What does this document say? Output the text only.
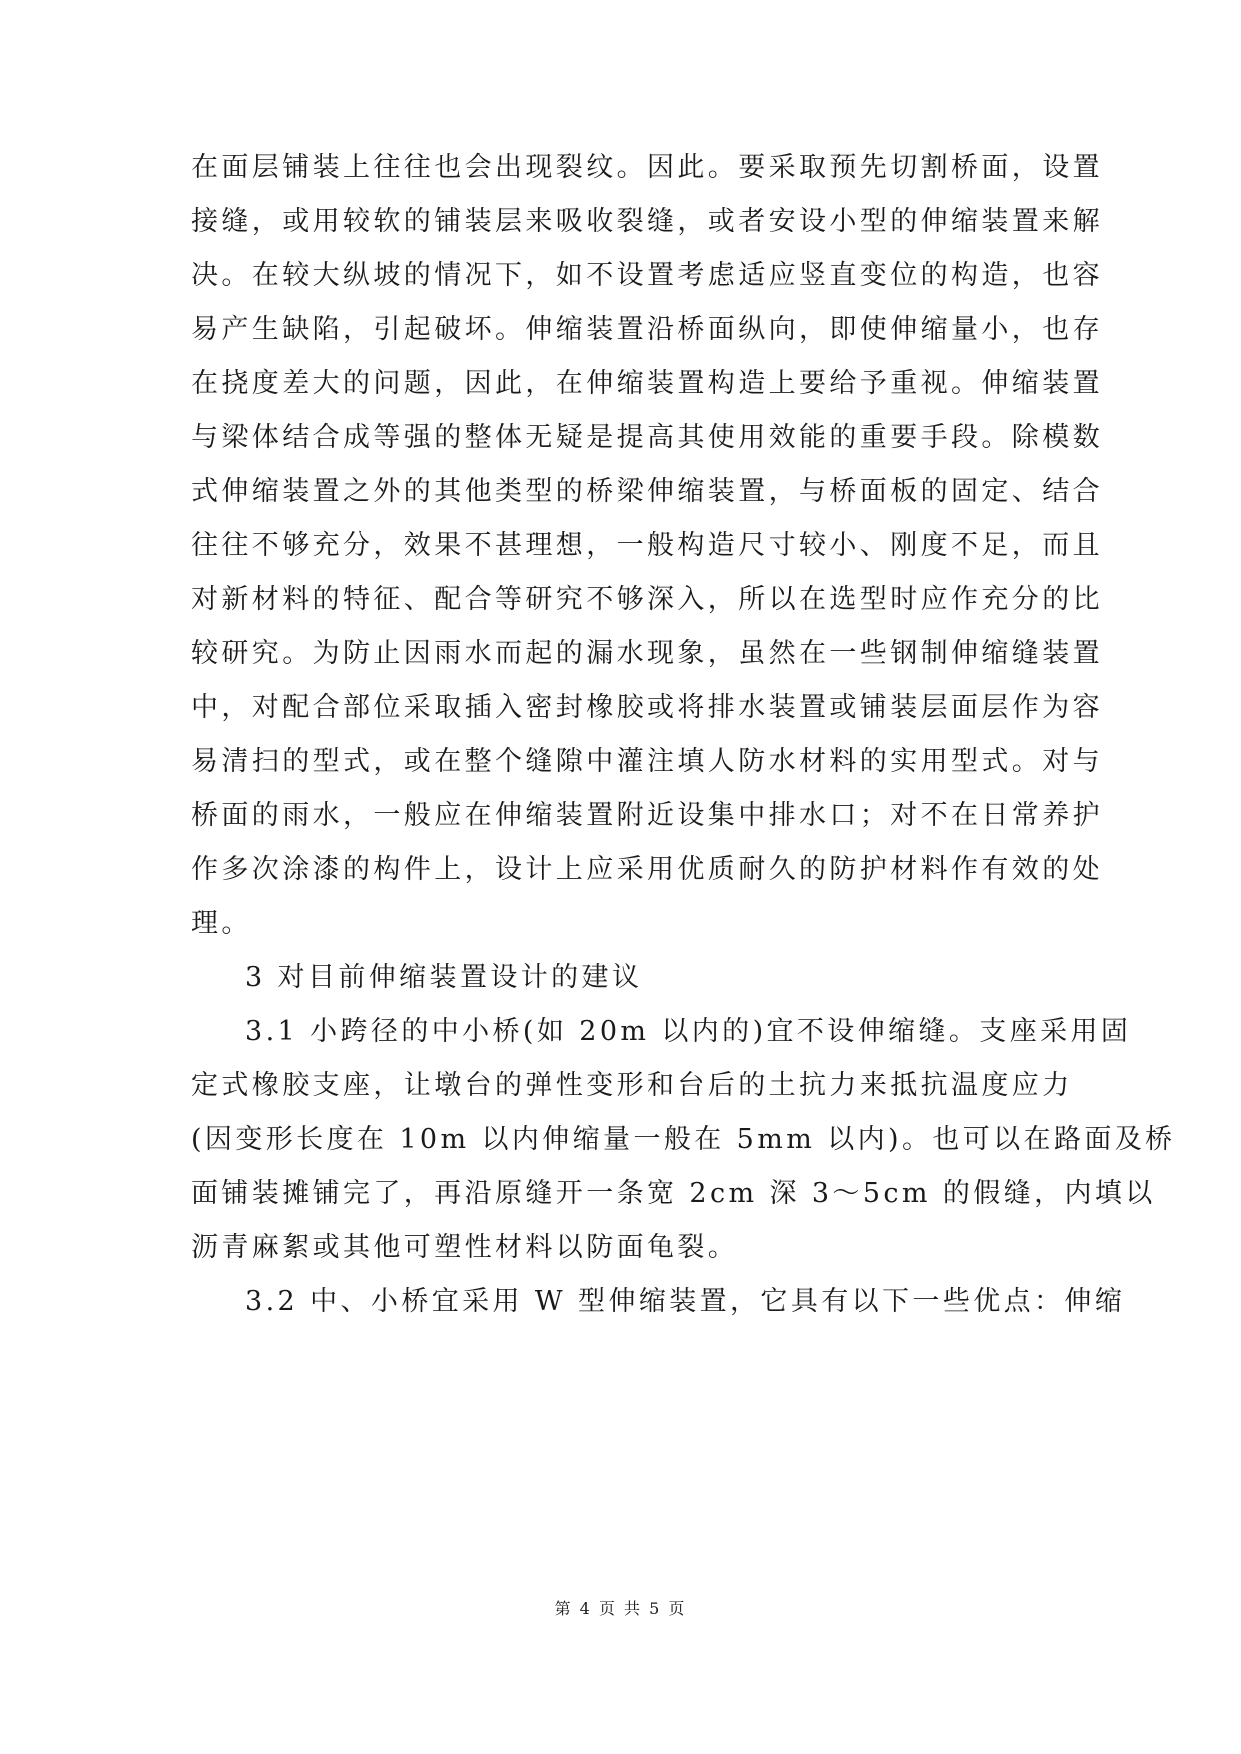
在面层铺装上往往也会出现裂纹。因此。要采取预先切割桥面，设置
接缝，或用较软的铺装层来吸收裂缝，或者安设小型的伸缩装置来解
决。在较大纵坡的情况下，如不设置考虑适应竖直变位的构造，也容
易产生缺陷，引起破坏。伸缩装置沿桥面纵向，即使伸缩量小，也存
在挠度差大的问题，因此，在伸缩装置构造上要给予重视。伸缩装置
与梁体结合成等强的整体无疑是提高其使用效能的重要手段。除模数
式伸缩装置之外的其他类型的桥梁伸缩装置，与桥面板的固定、结合
往往不够充分，效果不甚理想，一般构造尺寸较小、刚度不足，而且
对新材料的特征、配合等研究不够深入，所以在选型时应作充分的比
较研究。为防止因雨水而起的漏水现象，虽然在一些钢制伸缩缝装置
中，对配合部位采取插入密封橡胶或将排水装置或铺装层面层作为容
易清扫的型式，或在整个缝隙中灌注填人防水材料的实用型式。对与
桥面的雨水，一般应在伸缩装置附近设集中排水口；对不在日常养护
作多次涂漆的构件上，设计上应采用优质耐久的防护材料作有效的处
理。
3 对目前伸缩装置设计的建议
3.1 小跨径的中小桥(如 20m 以内的)宜不设伸缩缝。支座采用固
定式橡胶支座，让墩台的弹性变形和台后的土抗力来抵抗温度应力
(因变形长度在 10m 以内伸缩量一般在 5mm 以内)。也可以在路面及桥
面铺装摊铺完了，再沿原缝开一条宽 2cm 深 3～5cm 的假缝，内填以
沥青麻絮或其他可塑性材料以防面龟裂。
3.2 中、小桥宜采用 W 型伸缩装置，它具有以下一些优点：伸缩
第 4 页 共 5 页
